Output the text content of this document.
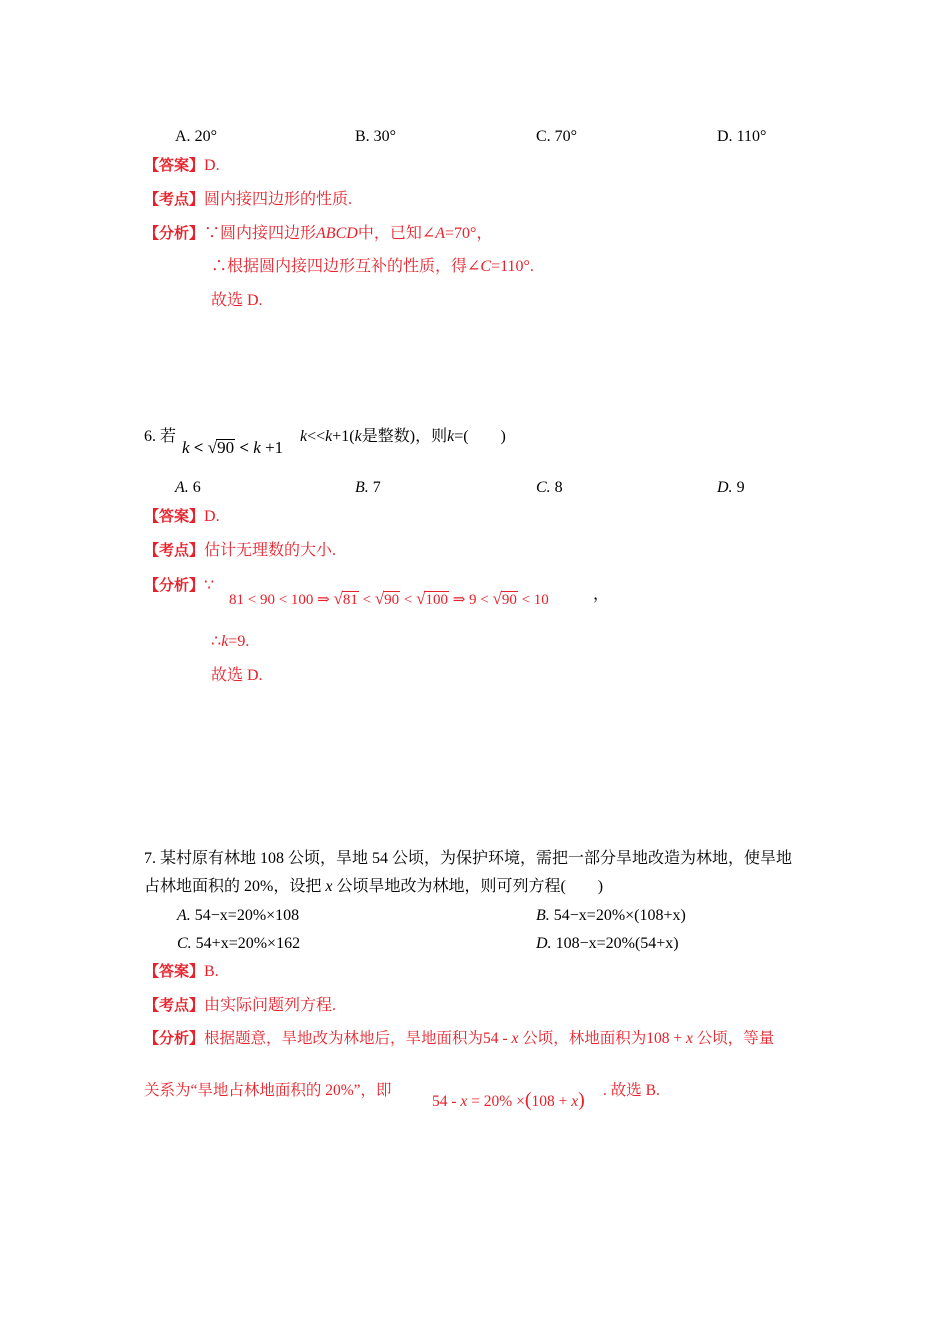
A. 20°	B. 30°	C. 70°	D. 110°
【答案】D.
【考点】圆内接四边形的性质.
【分析】∵圆内接四边形ABCD中，已知∠A=70°，
∴根据圆内接四边形互补的性质，得∠C=110°.
故选 D.
6. 若
k < √90 < k +1
k<<k+1(k是整数)，则k=(　　)
A. 6	B. 7	C. 8	D. 9
【答案】D.
【考点】估计无理数的大小.
【分析】∵
81 < 90 < 100 ⇒ √81 < √90 < √100 ⇒ 9 < √90 < 10	，
∴k=9.
故选 D.
7. 某村原有林地 108 公顷，旱地 54 公顷，为保护环境，需把一部分旱地改造为林地，使旱地
占林地面积的 20%，设把 x 公顷旱地改为林地，则可列方程(　　)
A. 54−x=20%×108	B. 54−x=20%×(108+x)
C. 54+x=20%×162	D. 108−x=20%(54+x)
【答案】B.
【考点】由实际问题列方程.
【分析】根据题意，旱地改为林地后，旱地面积为54 - x 公顷，林地面积为108 + x 公顷，等量
关系为“旱地占林地面积的 20%”，即
54 - x = 20% ×(108 + x) . 故选 B.
